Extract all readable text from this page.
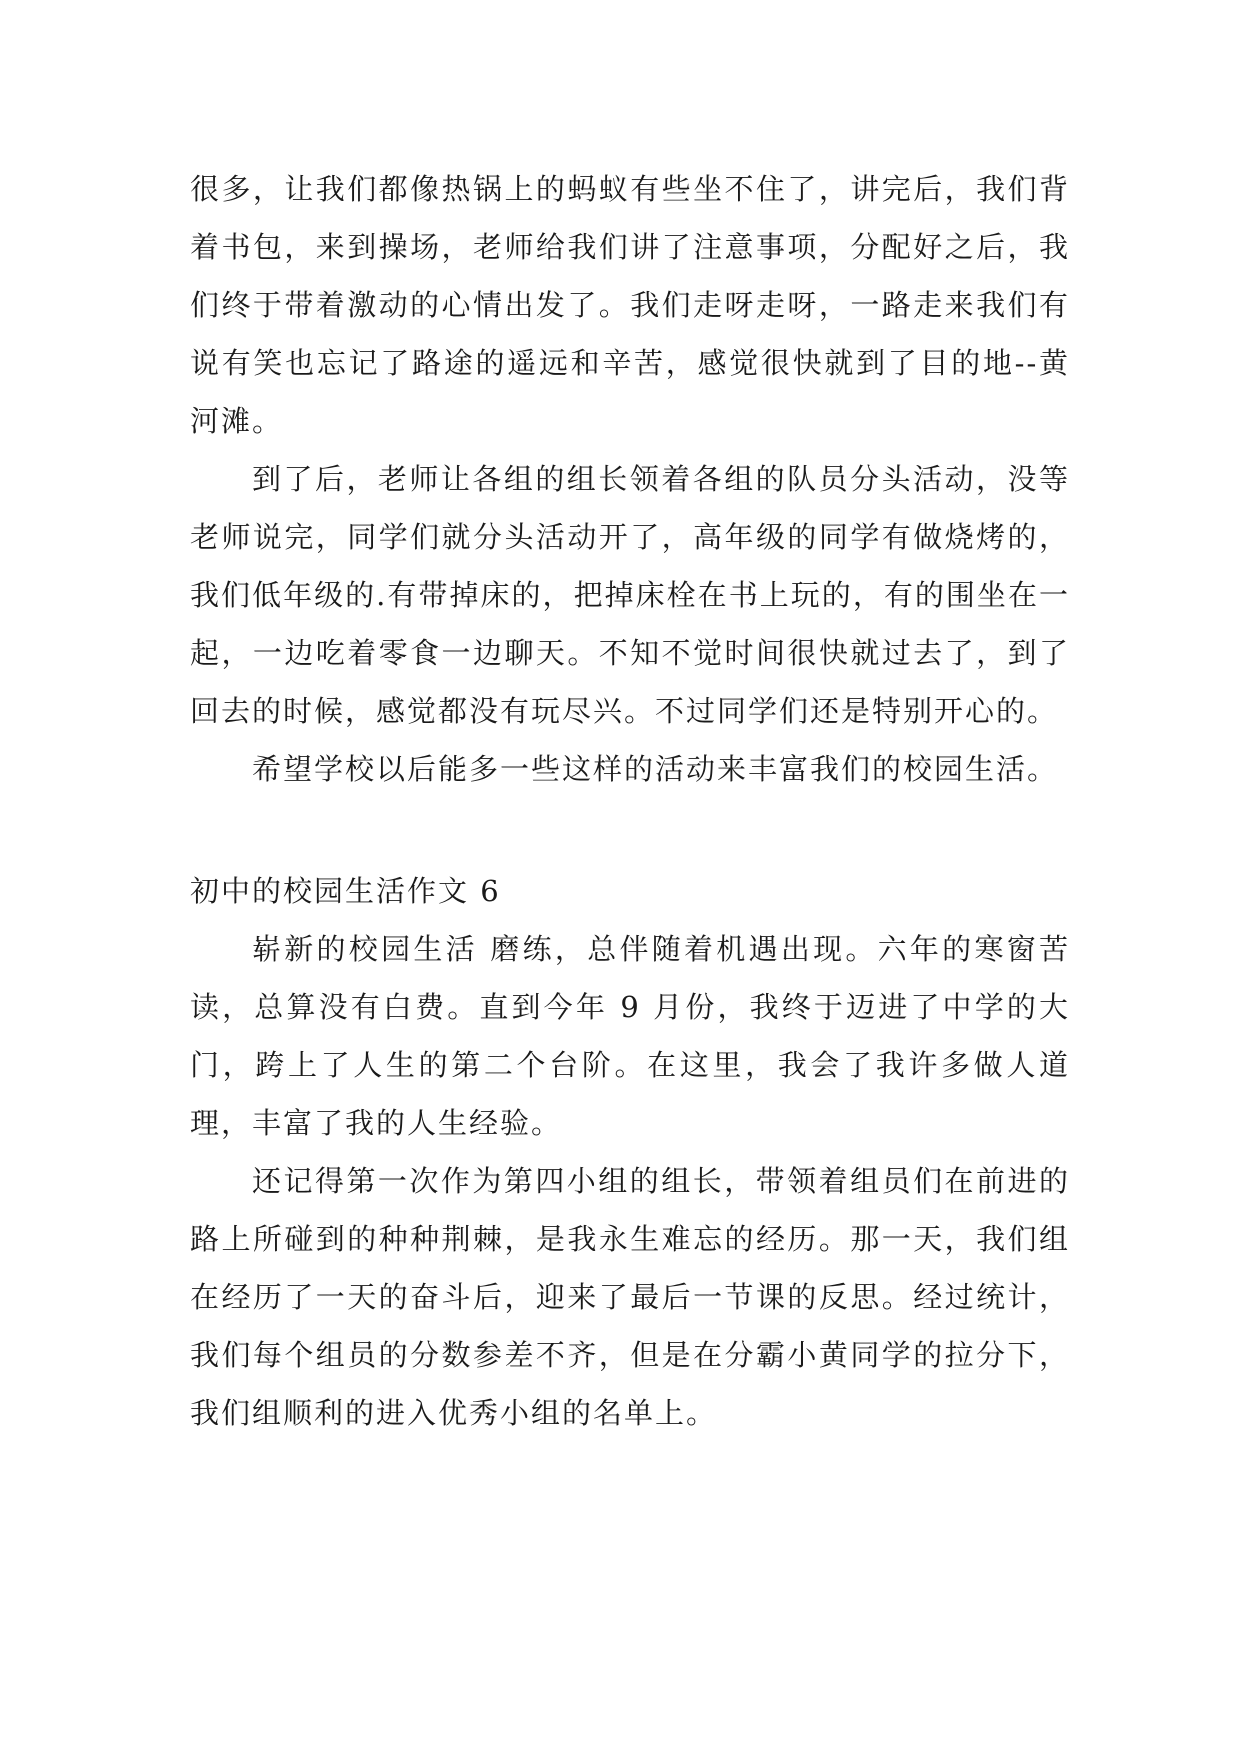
很多，让我们都像热锅上的蚂蚁有些坐不住了，讲完后，我们背着书包，来到操场，老师给我们讲了注意事项，分配好之后，我们终于带着激动的心情出发了。我们走呀走呀，一路走来我们有说有笑也忘记了路途的遥远和辛苦，感觉很快就到了目的地--黄河滩。

到了后，老师让各组的组长领着各组的队员分头活动，没等老师说完，同学们就分头活动开了，高年级的同学有做烧烤的，我们低年级的.有带掉床的，把掉床栓在书上玩的，有的围坐在一起，一边吃着零食一边聊天。不知不觉时间很快就过去了，到了回去的时候，感觉都没有玩尽兴。不过同学们还是特别开心的。

希望学校以后能多一些这样的活动来丰富我们的校园生活。

初中的校园生活作文 6

崭新的校园生活 磨练，总伴随着机遇出现。六年的寒窗苦读，总算没有白费。直到今年 9 月份，我终于迈进了中学的大门，跨上了人生的第二个台阶。在这里，我会了我许多做人道理，丰富了我的人生经验。

还记得第一次作为第四小组的组长，带领着组员们在前进的路上所碰到的种种荆棘，是我永生难忘的经历。那一天，我们组在经历了一天的奋斗后，迎来了最后一节课的反思。经过统计，我们每个组员的分数参差不齐，但是在分霸小黄同学的拉分下，我们组顺利的进入优秀小组的名单上。
